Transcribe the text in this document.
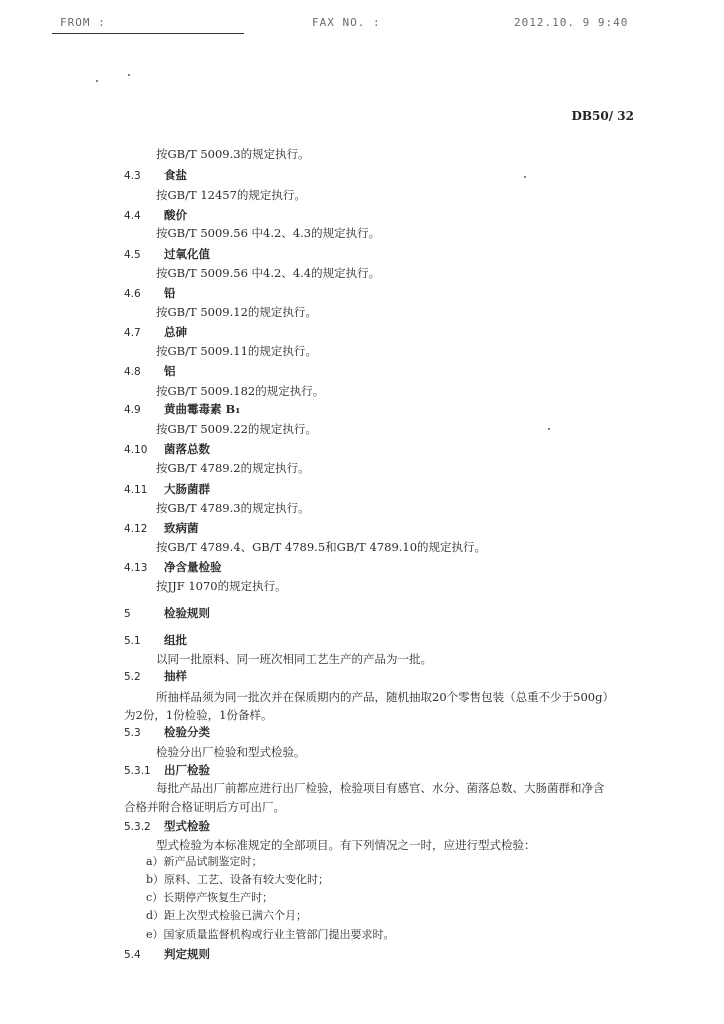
FROM :	FAX NO. :	2012.10. 9 9:40
DB50/ 32
按GB/T 5009.3的规定执行。
4.3 食盐
按GB/T 12457的规定执行。
4.4 酸价
按GB/T 5009.56 中4.2、4.3的规定执行。
4.5 过氧化值
按GB/T 5009.56 中4.2、4.4的规定执行。
4.6 铅
按GB/T 5009.12的规定执行。
4.7 总砷
按GB/T 5009.11的规定执行。
4.8 铝
按GB/T 5009.182的规定执行。
4.9 黄曲霉毒素 B₁
按GB/T 5009.22的规定执行。
4.10 菌落总数
按GB/T 4789.2的规定执行。
4.11 大肠菌群
按GB/T 4789.3的规定执行。
4.12 致病菌
按GB/T 4789.4、GB/T 4789.5和GB/T 4789.10的规定执行。
4.13 净含量检验
按JJF 1070的规定执行。
5	检验规则
5.1 组批
以同一批原料、同一班次相同工艺生产的产品为一批。
5.2 抽样
所抽样品须为同一批次并在保质期内的产品，随机抽取20个零售包装（总重不少于500g）
为2份，1份检验，1份备样。
5.3 检验分类
检验分出厂检验和型式检验。
5.3.1 出厂检验
每批产品出厂前都应进行出厂检验，检验项目有感官、水分、菌落总数、大肠菌群和净含
合格并附合格证明后方可出厂。
5.3.2 型式检验
型式检验为本标准规定的全部项目。有下列情况之一时，应进行型式检验：
a）新产品试制鉴定时；
b）原料、工艺、设备有较大变化时；
c）长期停产恢复生产时；
d）距上次型式检验已满六个月；
e）国家质量监督机构或行业主管部门提出要求时。
5.4 判定规则
